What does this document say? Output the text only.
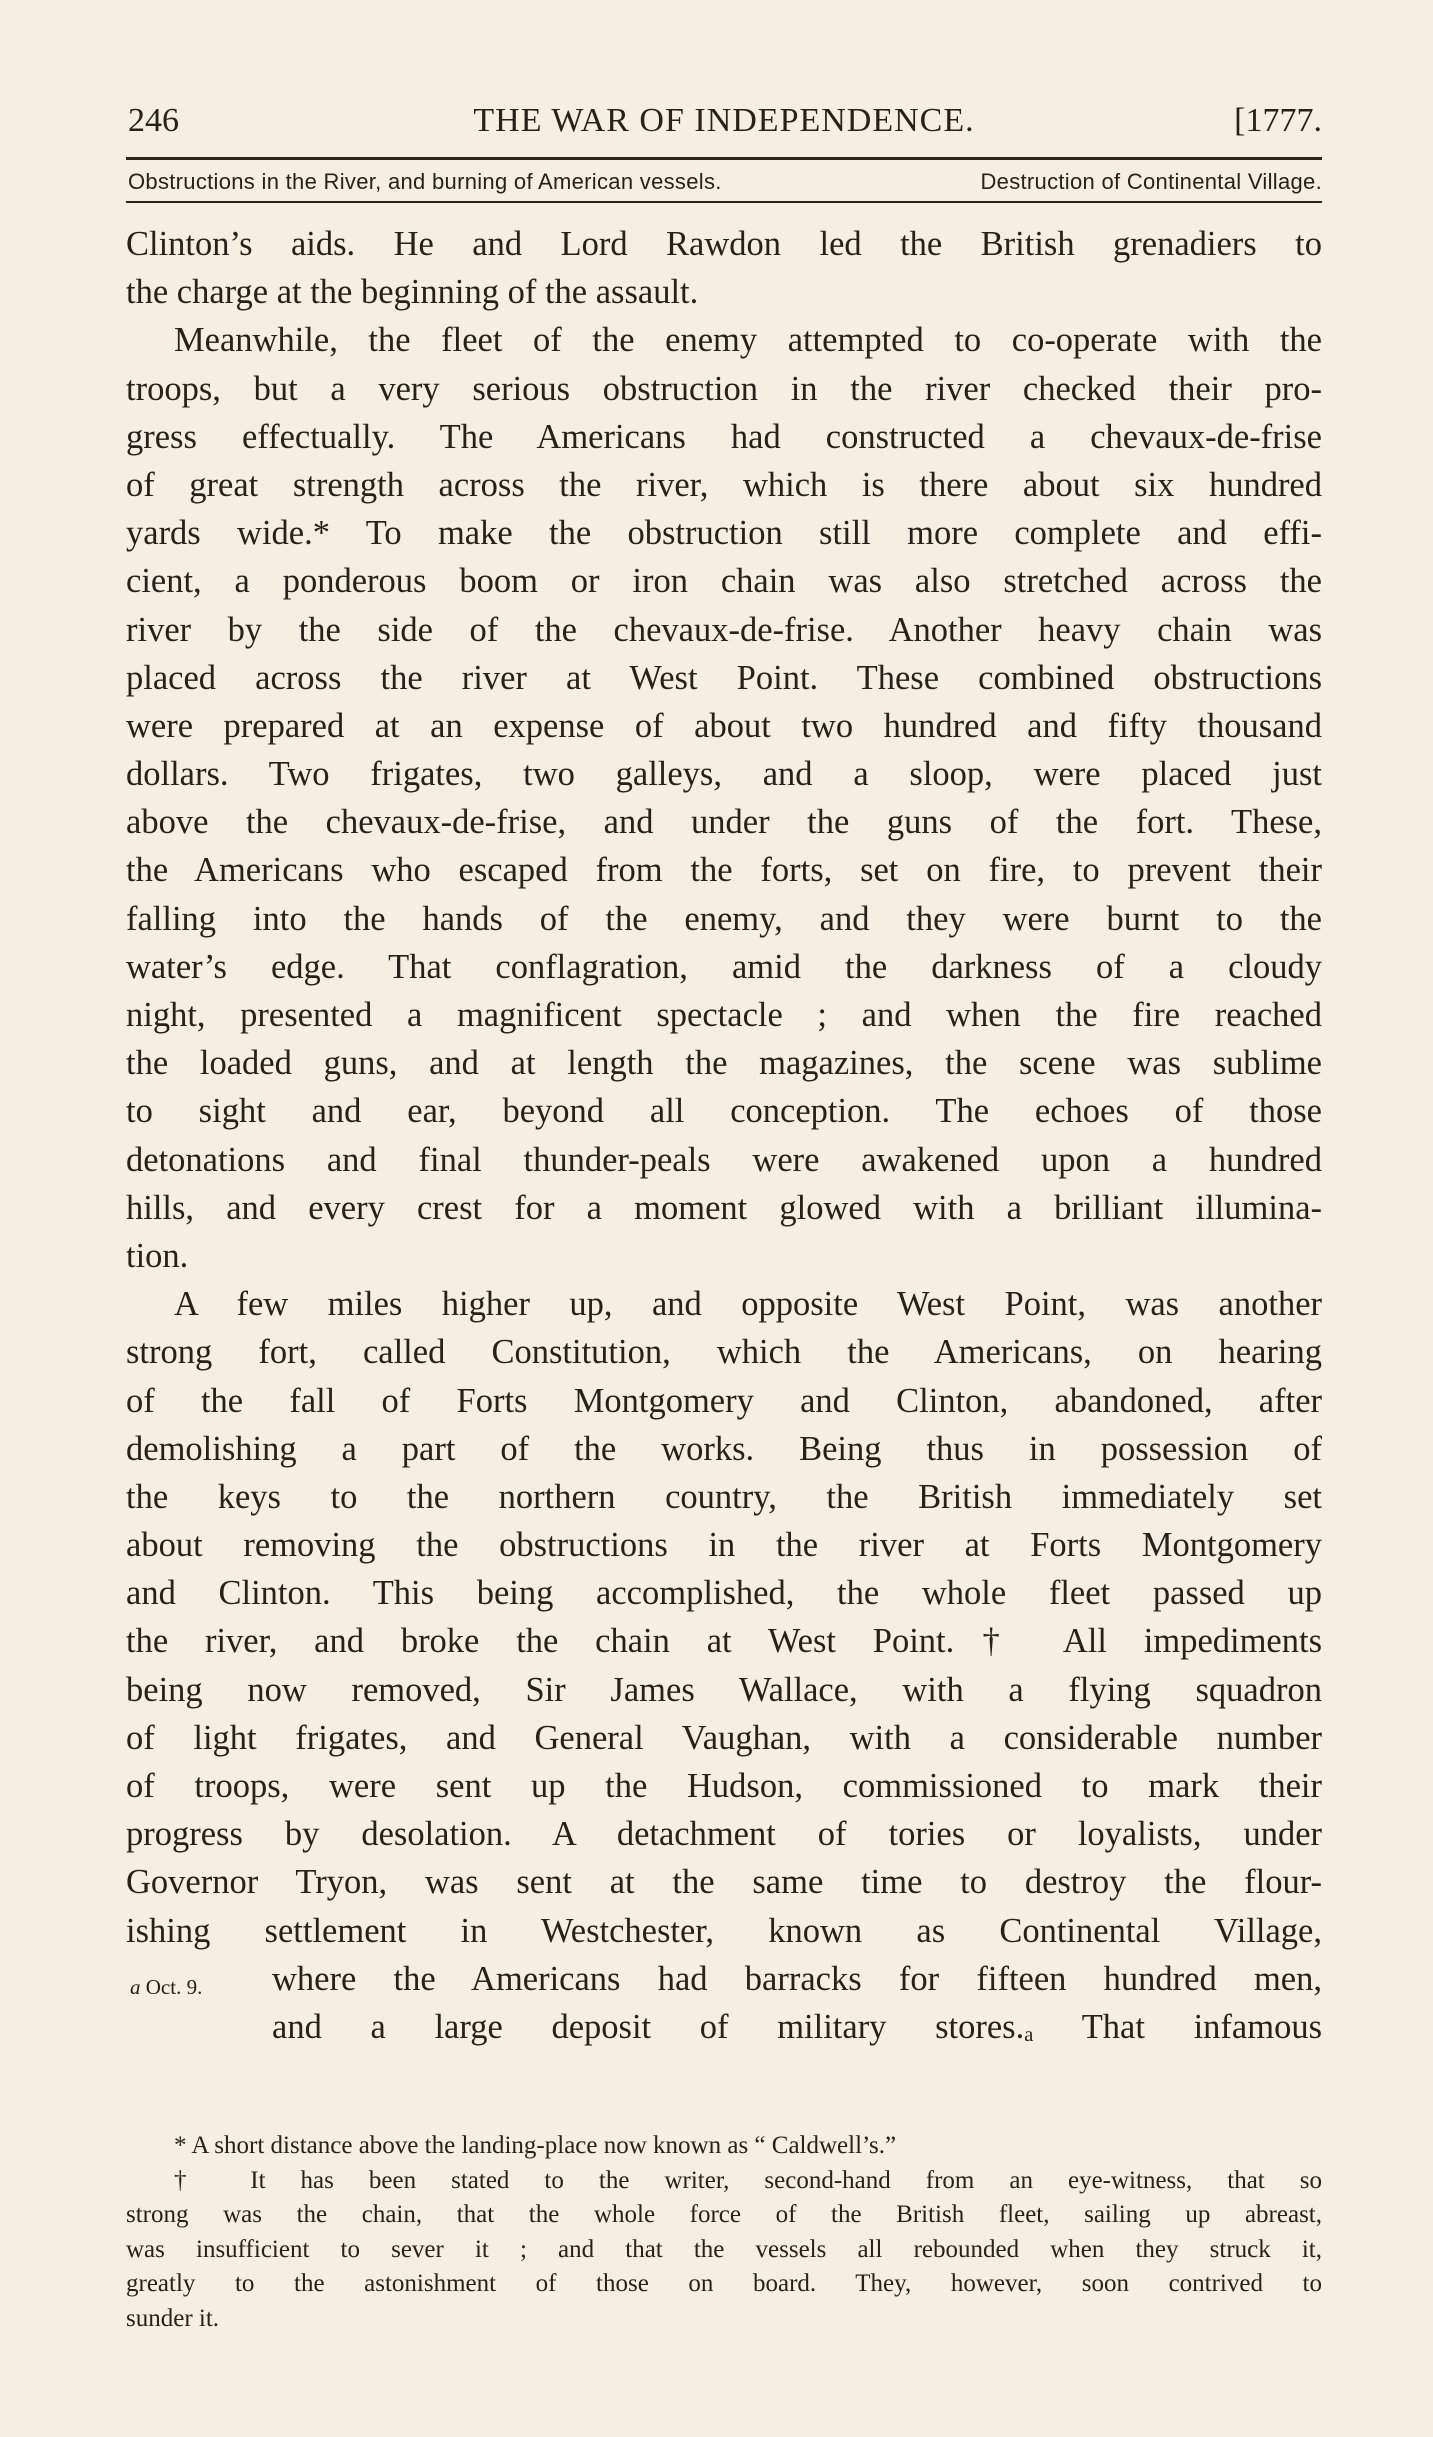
246	THE WAR OF INDEPENDENCE.	[1777.
Obstructions in the River, and burning of American vessels.	Destruction of Continental Village.
Clinton’s aids. He and Lord Rawdon led the British grenadiers to
the charge at the beginning of the assault.
Meanwhile, the fleet of the enemy attempted to co-operate with the
troops, but a very serious obstruction in the river checked their pro-
gress effectually. The Americans had constructed a chevaux-de-frise
of great strength across the river, which is there about six hundred
yards wide.* To make the obstruction still more complete and effi-
cient, a ponderous boom or iron chain was also stretched across the
river by the side of the chevaux-de-frise. Another heavy chain was
placed across the river at West Point. These combined obstructions
were prepared at an expense of about two hundred and fifty thousand
dollars. Two frigates, two galleys, and a sloop, were placed just
above the chevaux-de-frise, and under the guns of the fort. These,
the Americans who escaped from the forts, set on fire, to prevent their
falling into the hands of the enemy, and they were burnt to the
water’s edge. That conflagration, amid the darkness of a cloudy
night, presented a magnificent spectacle ; and when the fire reached
the loaded guns, and at length the magazines, the scene was sublime
to sight and ear, beyond all conception. The echoes of those
detonations and final thunder-peals were awakened upon a hundred
hills, and every crest for a moment glowed with a brilliant illumina-
tion.
A few miles higher up, and opposite West Point, was another
strong fort, called Constitution, which the Americans, on hearing
of the fall of Forts Montgomery and Clinton, abandoned, after
demolishing a part of the works. Being thus in possession of
the keys to the northern country, the British immediately set
about removing the obstructions in the river at Forts Montgomery
and Clinton. This being accomplished, the whole fleet passed up
the river, and broke the chain at West Point.† All impediments
being now removed, Sir James Wallace, with a flying squadron
of light frigates, and General Vaughan, with a considerable number
of troops, were sent up the Hudson, commissioned to mark their
progress by desolation. A detachment of tories or loyalists, under
Governor Tryon, was sent at the same time to destroy the flour-
ishing settlement in Westchester, known as Continental Village,
where the Americans had barracks for fifteen hundred men,
and a large deposit of military stores.ₐ That infamous
a Oct. 9.
* A short distance above the landing-place now known as “ Caldwell’s.”
† It has been stated to the writer, second-hand from an eye-witness, that so
strong was the chain, that the whole force of the British fleet, sailing up abreast,
was insufficient to sever it ; and that the vessels all rebounded when they struck it,
greatly to the astonishment of those on board. They, however, soon contrived to
sunder it.
